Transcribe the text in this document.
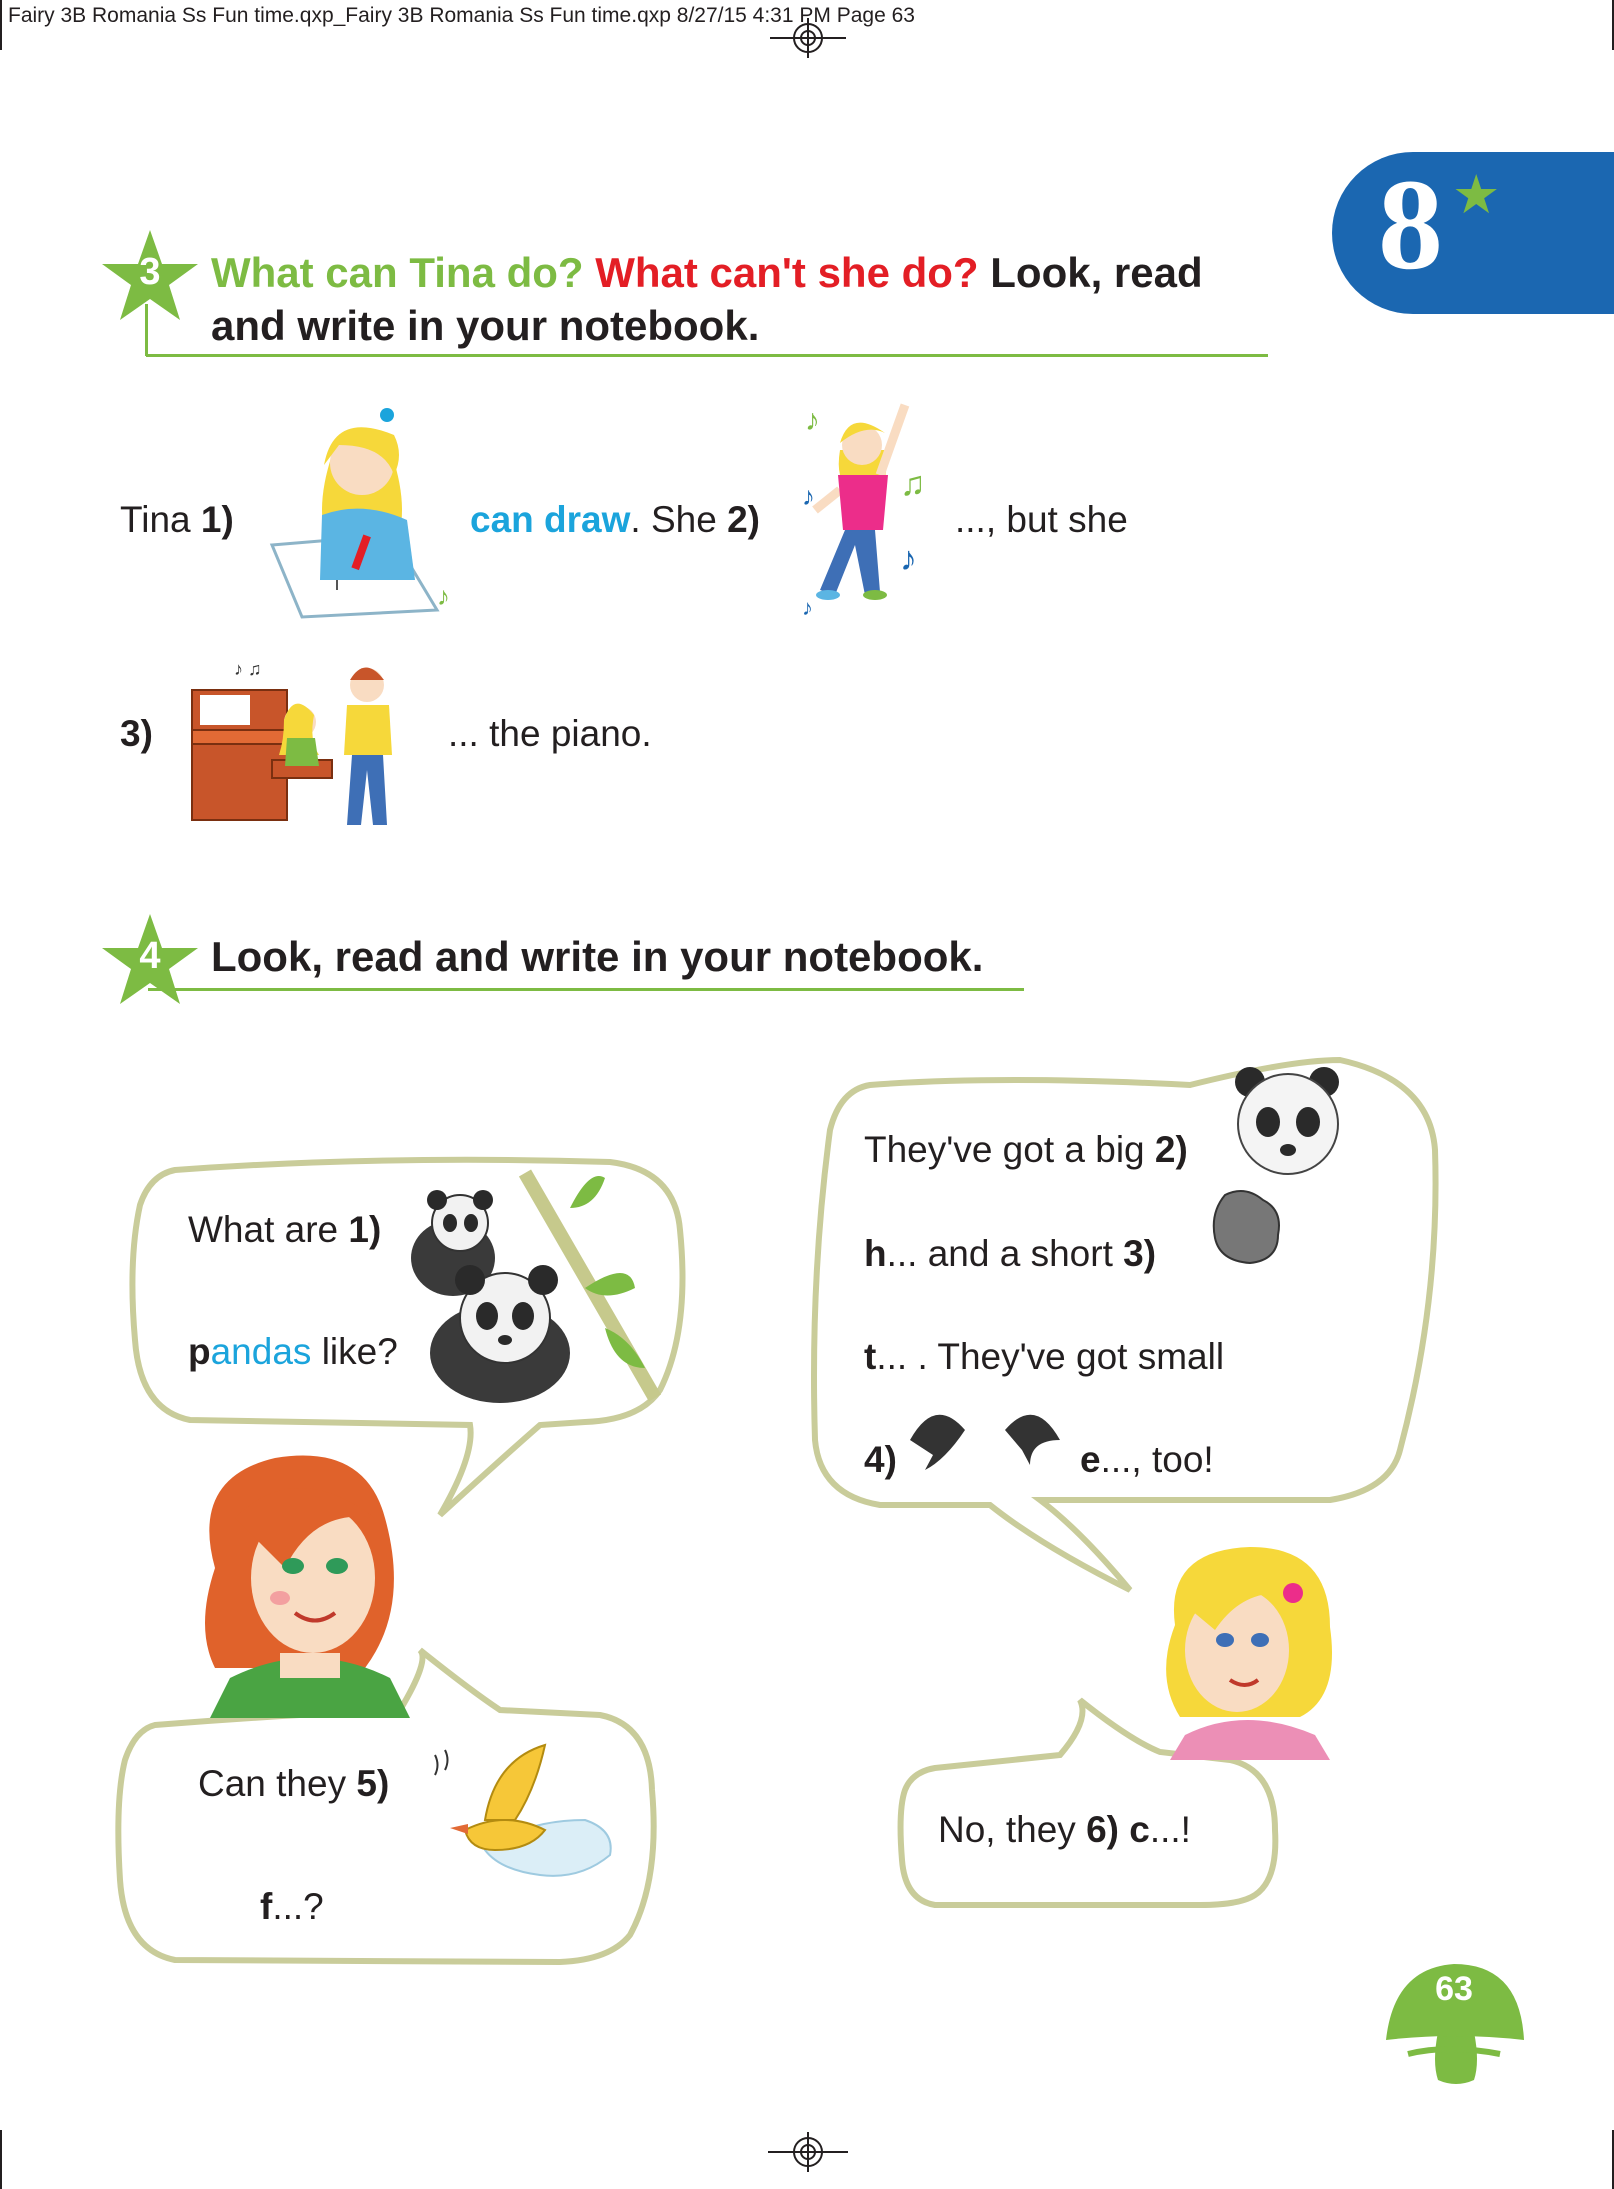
Fairy 3B Romania Ss Fun time.qxp_Fairy 3B Romania Ss Fun time.qxp 8/27/15 4:31 PM Page 63
8 ★
3 What can Tina do? What can't she do? Look, read
and write in your notebook.
Tina 1)
♪
can draw. She 2)
♪
♫
♪
♪
♪
..., but she
3)
♪ ♫
... the piano.
4 Look, read and write in your notebook.
What are 1)
pandas like?
They've got a big 2)
h... and a short 3)
t... . They've got small
4)	e..., too!
Can they 5)
f...?
No, they 6) c...!
63
